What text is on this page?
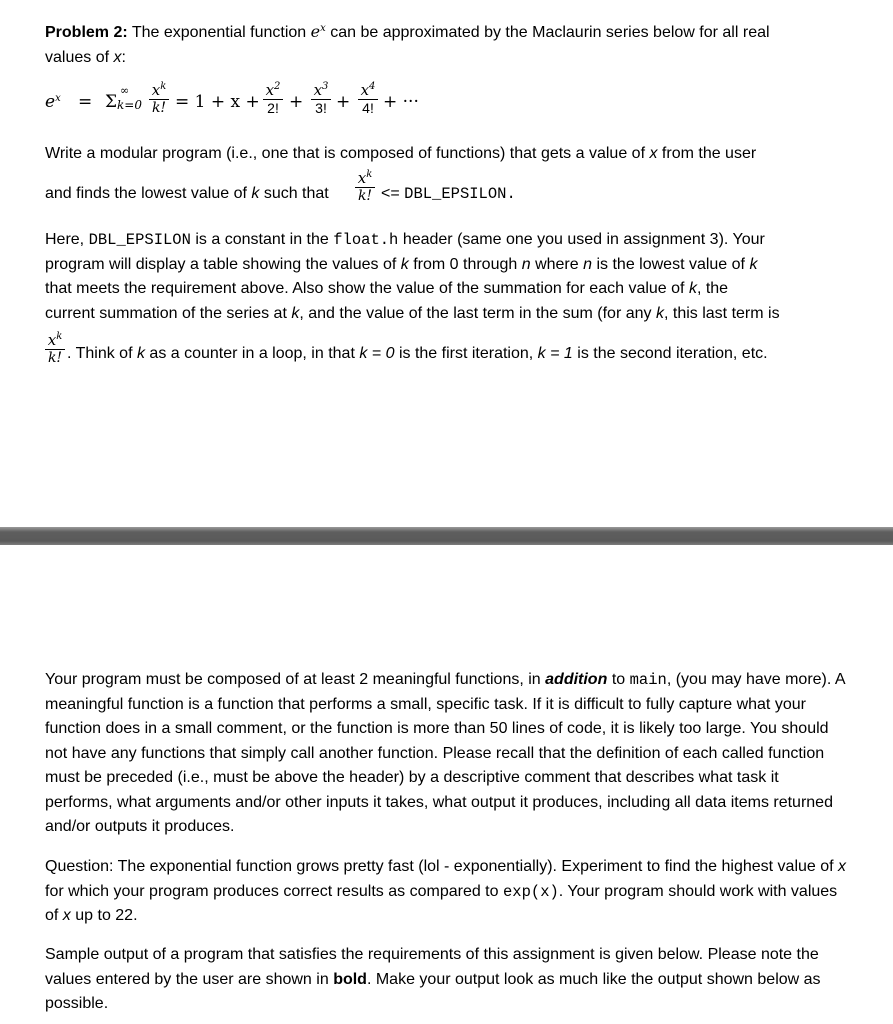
Problem 2: The exponential function $e^x$ can be approximated by the Maclaurin series below for all real
values of x:

$e^x = \Sigma_{k=0}$
∞ $x^k$
k! = 1 + x +
$x^2$
2! +
$x^3$
3! +
$x^4$
4! + ···

Write a modular program (i.e., one that is composed of functions) that gets a value of x from the user

and finds the lowest value of k such that
$x^k$
k! <= DBL_EPSILON.

Here, DBL_EPSILON is a constant in the float.h header (same one you used in assignment 3). Your
program will display a table showing the values of k from 0 through n where n is the lowest value of k
that meets the requirement above. Also show the value of the summation for each value of k, the
current summation of the series at k, and the value of the last term in the sum (for any k, this last term is

$x^k$
k! . Think of k as a counter in a loop, in that k = 0 is the first iteration, k = 1 is the second iteration, etc.

Your program must be composed of at least 2 meaningful functions, in addition to main, (you may have more). A meaningful function is a function that performs a small, specific task. If it is difficult to fully capture what your function does in a small comment, or the function is more than 50 lines of code, it is likely too large. You should not have any functions that simply call another function. Please recall that the definition of each called function must be preceded (i.e., must be above the header) by a descriptive comment that describes what task it performs, what arguments and/or other inputs it takes, what output it produces, including all data items returned and/or outputs it produces.

Question: The exponential function grows pretty fast (lol - exponentially). Experiment to find the highest value of x for which your program produces correct results as compared to exp(x). Your program should work with values of x up to 22.

Sample output of a program that satisfies the requirements of this assignment is given below. Please note the values entered by the user are shown in bold. Make your output look as much like the output shown below as possible.
